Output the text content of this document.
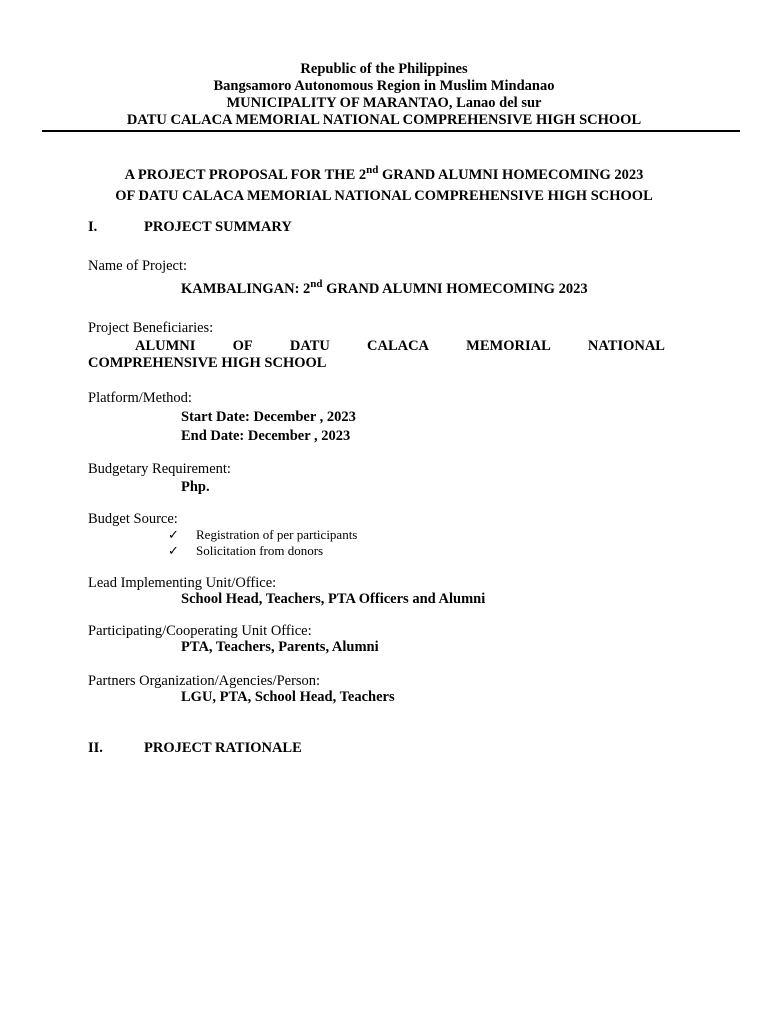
Republic of the Philippines
Bangsamoro Autonomous Region in Muslim Mindanao
MUNICIPALITY OF MARANTAO, Lanao del sur
DATU CALACA MEMORIAL NATIONAL COMPREHENSIVE HIGH SCHOOL
A PROJECT PROPOSAL FOR THE 2nd GRAND ALUMNI HOMECOMING 2023
OF DATU CALACA MEMORIAL NATIONAL COMPREHENSIVE HIGH SCHOOL
I.	PROJECT SUMMARY
Name of Project:
KAMBALINGAN: 2nd GRAND ALUMNI HOMECOMING 2023
Project Beneficiaries:
ALUMNI	OF	DATU	CALACA	MEMORIAL	NATIONAL
COMPREHENSIVE HIGH SCHOOL
Platform/Method:
Start Date: December , 2023
End Date: December , 2023
Budgetary Requirement:
Php.
Budget Source:
✓ Registration of per participants
✓ Solicitation from donors
Lead Implementing Unit/Office:
School Head, Teachers, PTA Officers and Alumni
Participating/Cooperating Unit Office:
PTA, Teachers, Parents, Alumni
Partners Organization/Agencies/Person:
LGU, PTA, School Head, Teachers
II.	PROJECT RATIONALE
